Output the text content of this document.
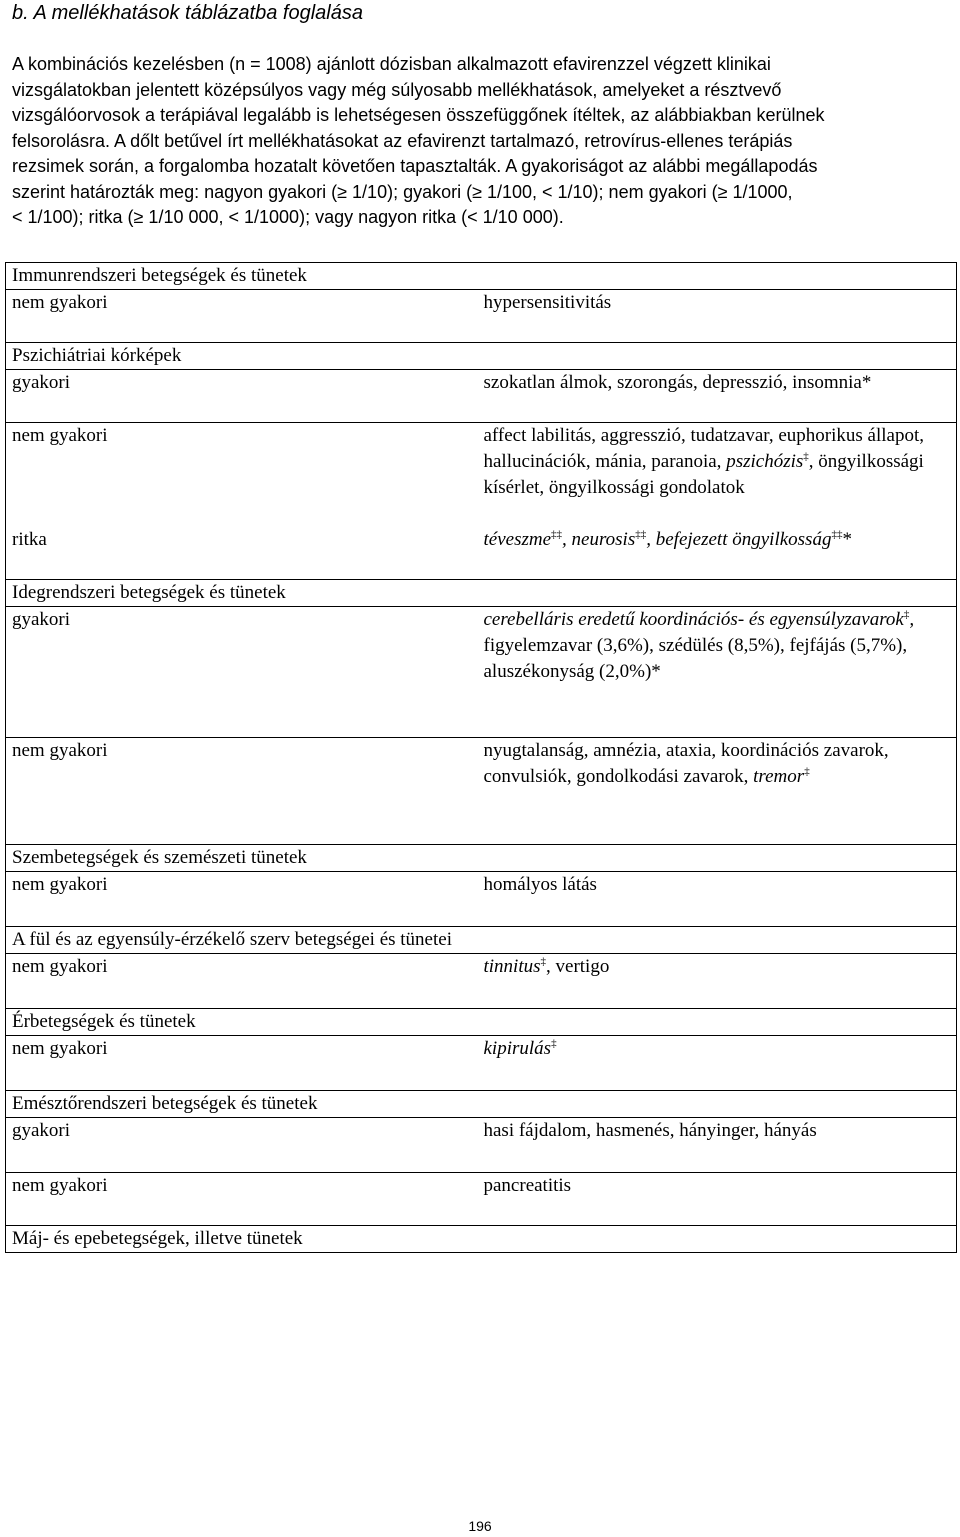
b. A mellékhatások táblázatba foglalása

A kombinációs kezelésben (n = 1008) ajánlott dózisban alkalmazott efavirenzzel végzett klinikai
vizsgálatokban jelentett középsúlyos vagy még súlyosabb mellékhatások, amelyeket a résztvevő
vizsgálóorvosok a terápiával legalább is lehetségesen összefüggőnek ítéltek, az alábbiakban kerülnek
felsorolásra. A dőlt betűvel írt mellékhatásokat az efavirenzt tartalmazó, retrovírus-ellenes terápiás
rezsimek során, a forgalomba hozatalt követően tapasztalták. A gyakoriságot az alábbi megállapodás
szerint határozták meg: nagyon gyakori (≥ 1/10); gyakori (≥ 1/100, < 1/10); nem gyakori (≥ 1/1000,
< 1/100); ritka (≥ 1/10 000, < 1/1000); vagy nagyon ritka (< 1/10 000).
Immunrendszeri betegségek és tünetek	
nem gyakori	hypersensitivitás
Pszichiátriai kórképek	
gyakori	szokatlan álmok, szorongás, depresszió, insomnia*
nem gyakori	affect labilitás, aggresszió, tudatzavar, euphorikus állapot, hallucinációk, mánia, paranoia, pszichózis‡, öngyilkossági kísérlet, öngyilkossági gondolatok
ritka	téveszme‡‡, neurosis‡‡, befejezett öngyilkosság‡‡*
Idegrendszeri betegségek és tünetek	
gyakori	cerebelláris eredetű koordinációs- és egyensúlyzavarok‡, figyelemzavar (3,6%), szédülés (8,5%), fejfájás (5,7%), aluszékonyság (2,0%)*
nem gyakori	nyugtalanság, amnézia, ataxia, koordinációs zavarok, convulsiók, gondolkodási zavarok, tremor‡
Szembetegségek és szemészeti tünetek	
nem gyakori	homályos látás
A fül és az egyensúly-érzékelő szerv betegségei és tünetei	
nem gyakori	tinnitus‡, vertigo
Érbetegségek és tünetek	
nem gyakori	kipirulás‡
Emésztőrendszeri betegségek és tünetek	
gyakori	hasi fájdalom, hasmenés, hányinger, hányás
nem gyakori	pancreatitis
Máj- és epebetegségek, illetve tünetek	
196
